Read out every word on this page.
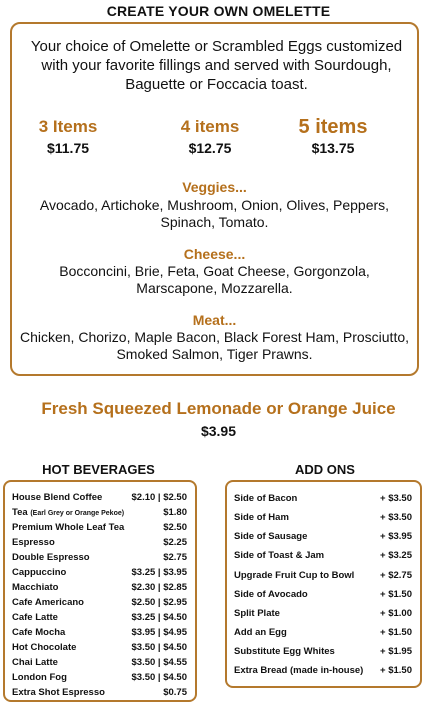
CREATE YOUR OWN OMELETTE
Your choice of Omelette or Scrambled Eggs customized
with your favorite fillings and served with Sourdough,
Baguette or Foccacia toast.
3 Items
$11.75
4 items
$12.75
5 items
$13.75
Veggies...
Avocado, Artichoke, Mushroom, Onion, Olives, Peppers,
Spinach, Tomato.
Cheese...
Bocconcini, Brie, Feta, Goat Cheese, Gorgonzola,
Marscapone, Mozzarella.
Meat...
Chicken, Chorizo, Maple Bacon, Black Forest Ham, Prosciutto,
Smoked Salmon, Tiger Prawns.
Fresh Squeezed Lemonade or Orange Juice
$3.95
HOT BEVERAGES	ADD ONS
House Blend Coffee	$2.10 | $2.50
Tea (Earl Grey or Orange Pekoe)	$1.80
Premium Whole Leaf Tea	$2.50
Espresso	$2.25
Double Espresso	$2.75
Cappuccino	$3.25 | $3.95
Macchiato	$2.30 | $2.85
Cafe Americano	$2.50 | $2.95
Cafe Latte	$3.25 | $4.50
Cafe Mocha	$3.95 | $4.95
Hot Chocolate	$3.50 | $4.50
Chai Latte	$3.50 | $4.55
London Fog	$3.50 | $4.50
Extra Shot Espresso	$0.75
Side of Bacon	+ $3.50
Side of Ham	+ $3.50
Side of Sausage	+ $3.95
Side of Toast & Jam	+ $3.25
Upgrade Fruit Cup to Bowl	+ $2.75
Side of Avocado	+ $1.50
Split Plate	+ $1.00
Add an Egg	+ $1.50
Substitute Egg Whites	+ $1.95
Extra Bread (made in-house) + $1.50
